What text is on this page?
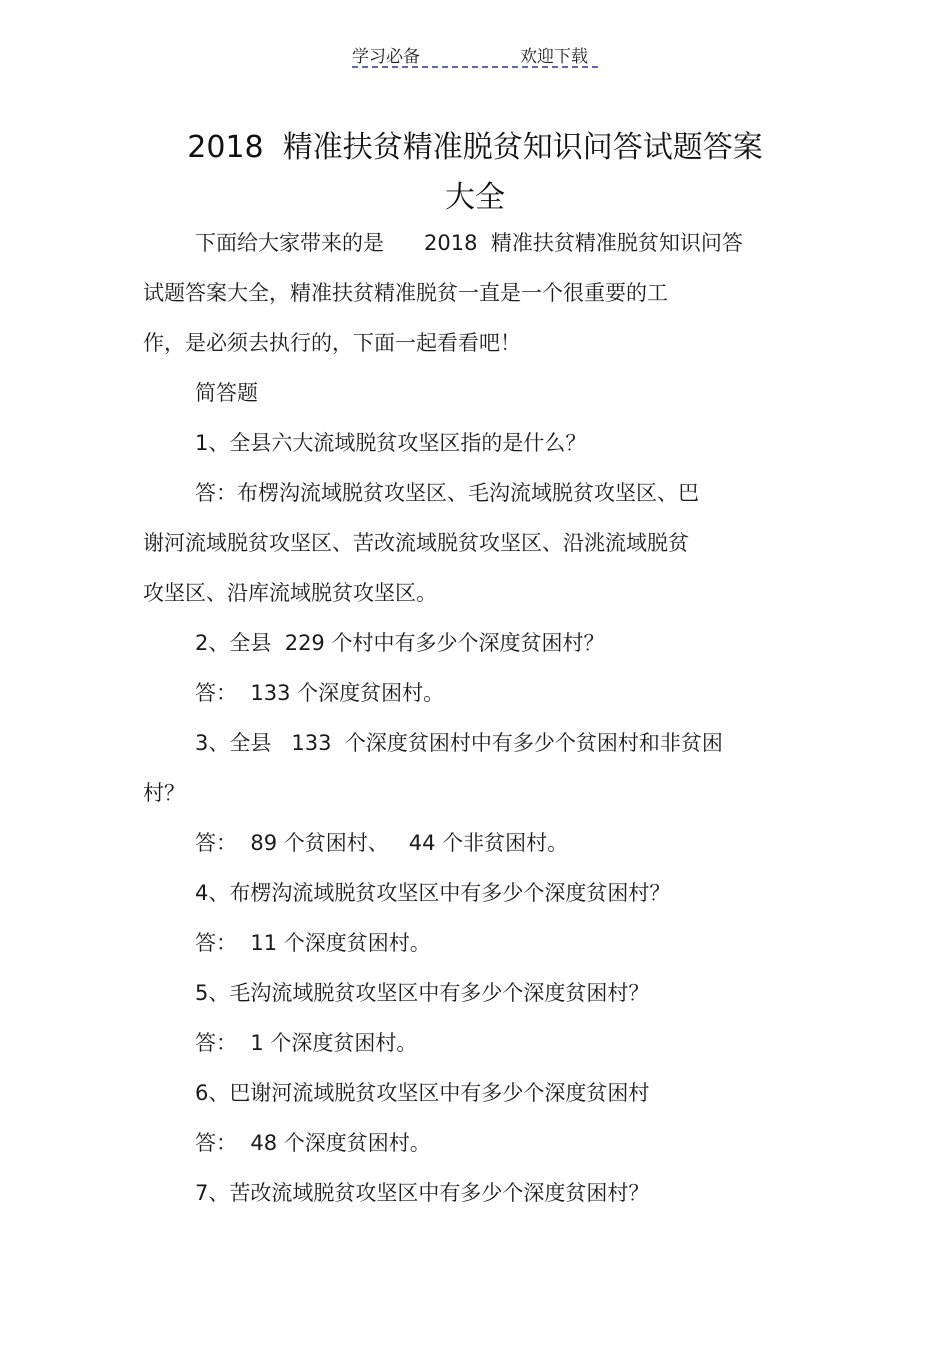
学习必备	欢迎下载
2018  精准扶贫精准脱贫知识问答试题答案
大全

下面给大家带来的是      2018  精准扶贫精准脱贫知识问答

试题答案大全，精准扶贫精准脱贫一直是一个很重要的工

作，是必须去执行的，下面一起看看吧！

简答题

1、全县六大流域脱贫攻坚区指的是什么？

答：布楞沟流域脱贫攻坚区、毛沟流域脱贫攻坚区、巴

谢河流域脱贫攻坚区、苦改流域脱贫攻坚区、沿洮流域脱贫

攻坚区、沿库流域脱贫攻坚区。

2、全县  229 个村中有多少个深度贫困村？

答：  133 个深度贫困村。

3、全县   133  个深度贫困村中有多少个贫困村和非贫困

村？

答：  89 个贫困村、   44 个非贫困村。

4、布楞沟流域脱贫攻坚区中有多少个深度贫困村？

答：  11 个深度贫困村。

5、毛沟流域脱贫攻坚区中有多少个深度贫困村？

答：  1 个深度贫困村。

6、巴谢河流域脱贫攻坚区中有多少个深度贫困村

答：  48 个深度贫困村。

7、苦改流域脱贫攻坚区中有多少个深度贫困村？
